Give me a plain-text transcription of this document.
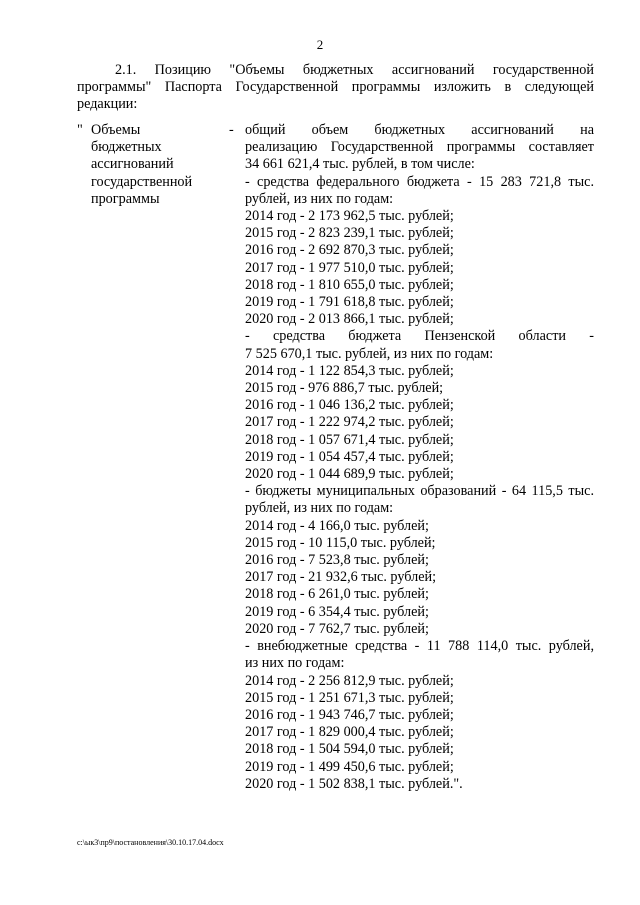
2

2.1. Позицию "Объемы бюджетных ассигнований государственной
программы" Паспорта Государственной программы изложить в следующей
редакции:

" Объемы
бюджетных
ассигнований
государственной
программы

- общий объем бюджетных ассигнований на
реализацию Государственной программы составляет
34 661 621,4 тыс. рублей, в том числе:
- средства федерального бюджета - 15 283 721,8 тыс.
рублей, из них по годам:
2014 год - 2 173 962,5 тыс. рублей;
2015 год - 2 823 239,1 тыс. рублей;
2016 год - 2 692 870,3 тыс. рублей;
2017 год - 1 977 510,0 тыс. рублей;
2018 год - 1 810 655,0 тыс. рублей;
2019 год - 1 791 618,8 тыс. рублей;
2020 год - 2 013 866,1 тыс. рублей;
- средства бюджета Пензенской области -
7 525 670,1 тыс. рублей, из них по годам:
2014 год - 1 122 854,3 тыс. рублей;
2015 год - 976 886,7 тыс. рублей;
2016 год - 1 046 136,2 тыс. рублей;
2017 год - 1 222 974,2 тыс. рублей;
2018 год - 1 057 671,4 тыс. рублей;
2019 год - 1 054 457,4 тыс. рублей;
2020 год - 1 044 689,9 тыс. рублей;
- бюджеты муниципальных образований - 64 115,5 тыс.
рублей, из них по годам:
2014 год - 4 166,0 тыс. рублей;
2015 год - 10 115,0 тыс. рублей;
2016 год - 7 523,8 тыс. рублей;
2017 год - 21 932,6 тыс. рублей;
2018 год - 6 261,0 тыс. рублей;
2019 год - 6 354,4 тыс. рублей;
2020 год - 7 762,7 тыс. рублей;
- внебюджетные средства - 11 788 114,0 тыс. рублей,
из них по годам:
2014 год - 2 256 812,9 тыс. рублей;
2015 год - 1 251 671,3 тыс. рублей;
2016 год - 1 943 746,7 тыс. рублей;
2017 год - 1 829 000,4 тыс. рублей;
2018 год - 1 504 594,0 тыс. рублей;
2019 год - 1 499 450,6 тыс. рублей;
2020 год - 1 502 838,1 тыс. рублей.".

c:\ык3\пр9\постановления\30.10.17.04.docx
